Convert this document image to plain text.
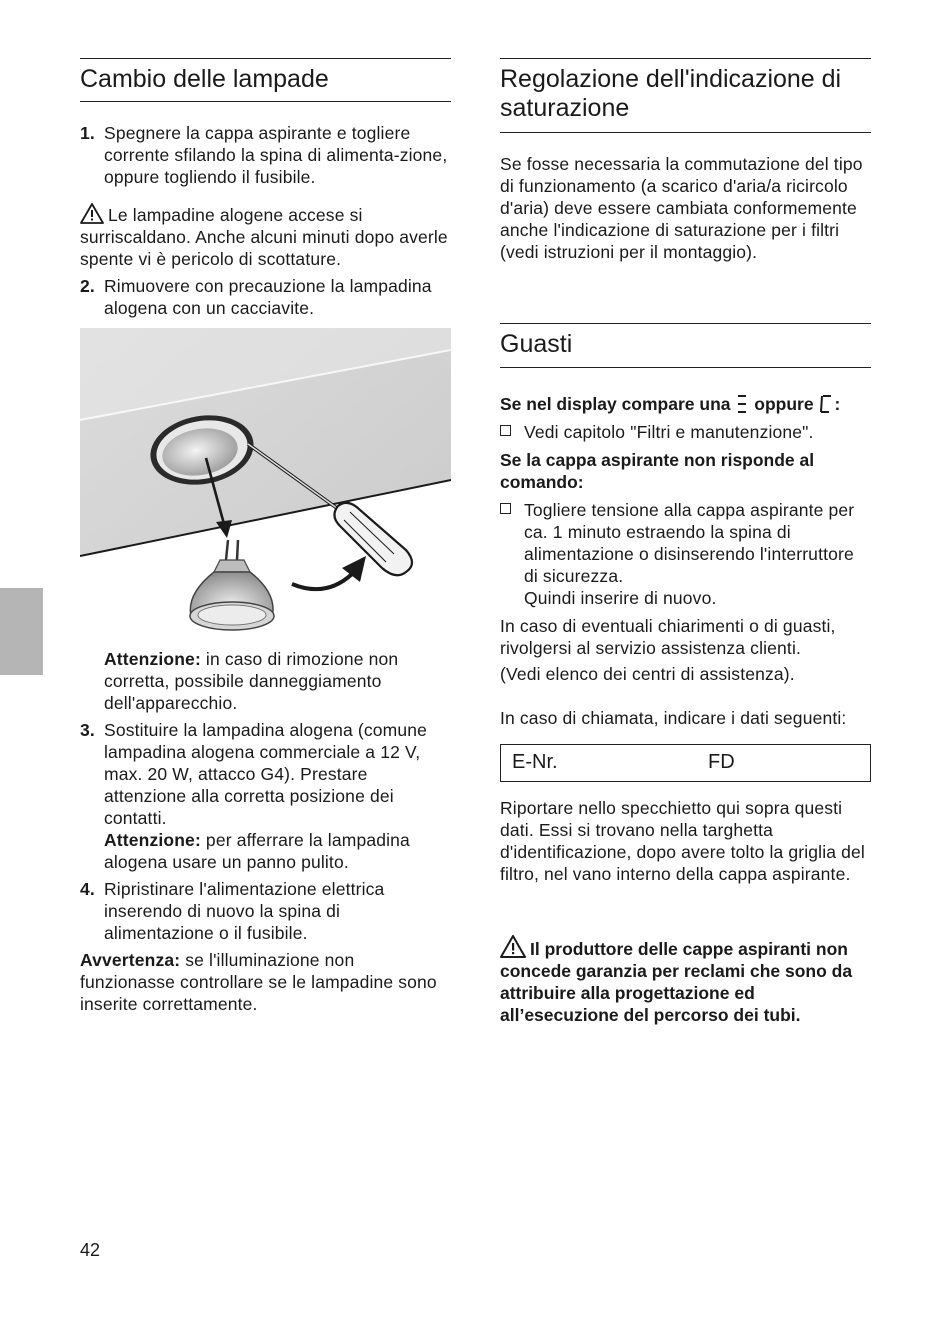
Cambio delle lampade
1. Spegnere la cappa aspirante e togliere corrente sfilando la spina di alimenta-zione, oppure togliendo il fusibile.
Le lampadine alogene accese si surriscaldano. Anche alcuni minuti dopo averle spente vi è pericolo di scottature.
2. Rimuovere con precauzione la lampadina alogena con un cacciavite.
Attenzione: in caso di rimozione non corretta, possibile danneggiamento dell'apparecchio.
3. Sostituire la lampadina alogena (comune lampadina alogena commerciale a 12 V, max. 20 W, attacco G4). Prestare attenzione alla corretta posizione dei contatti.
Attenzione: per afferrare la lampadina alogena usare un panno pulito.
4. Ripristinare l'alimentazione elettrica inserendo di nuovo la spina di alimentazione o il fusibile.
Avvertenza: se l'illuminazione non funzionasse controllare se le lampadine sono inserite correttamente.
Regolazione dell'indicazione di saturazione
Se fosse necessaria la commutazione del tipo di funzionamento (a scarico d'aria/a ricircolo d'aria) deve essere cambiata conformemente anche l'indicazione di saturazione per i filtri (vedi istruzioni per il montaggio).
Guasti
Se nel display compare una oppure :
Vedi capitolo "Filtri e manutenzione".
Se la cappa aspirante non risponde al comando:
Togliere tensione alla cappa aspirante per ca. 1 minuto estraendo la spina di alimentazione o disinserendo l'interruttore di sicurezza.
Quindi inserire di nuovo.
In caso di eventuali chiarimenti o di guasti, rivolgersi al servizio assistenza clienti.
(Vedi elenco dei centri di assistenza).
In caso di chiamata, indicare i dati seguenti:
E-Nr.	FD
Riportare nello specchietto qui sopra questi dati. Essi si trovano nella targhetta d'identificazione, dopo avere tolto la griglia del filtro, nel vano interno della cappa aspirante.
Il produttore delle cappe aspiranti non concede garanzia per reclami che sono da attribuire alla progettazione ed all’esecuzione del percorso dei tubi.
42
